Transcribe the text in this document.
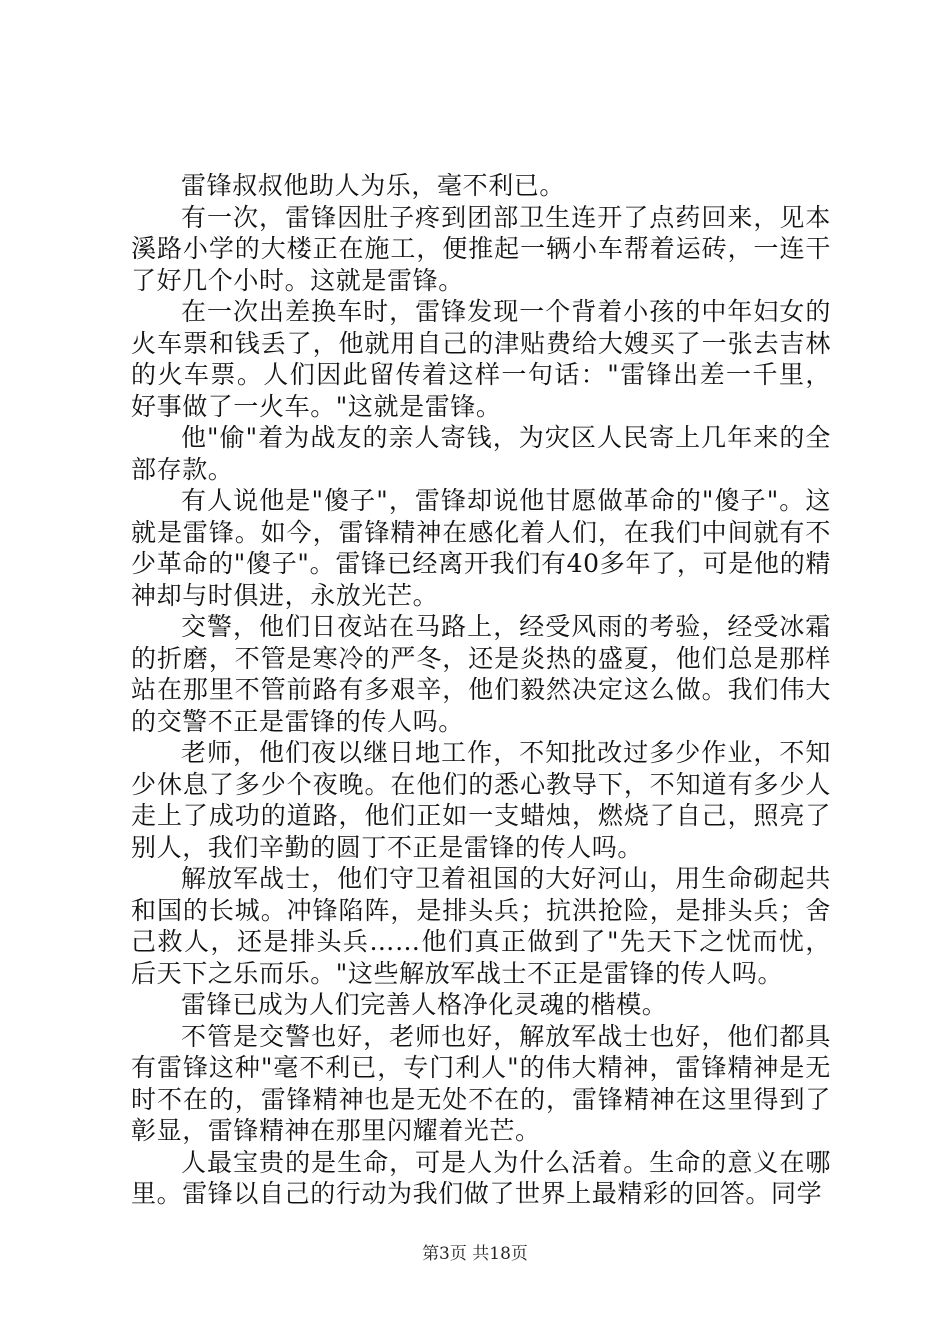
雷锋叔叔他助人为乐，毫不利已。

有一次，雷锋因肚子疼到团部卫生连开了点药回来，见本溪路小学的大楼正在施工，便推起一辆小车帮着运砖，一连干了好几个小时。这就是雷锋。

在一次出差换车时，雷锋发现一个背着小孩的中年妇女的火车票和钱丢了，他就用自己的津贴费给大嫂买了一张去吉林的火车票。人们因此留传着这样一句话："雷锋出差一千里，好事做了一火车。"这就是雷锋。

他"偷"着为战友的亲人寄钱，为灾区人民寄上几年来的全部存款。

有人说他是"傻子"，雷锋却说他甘愿做革命的"傻子"。这就是雷锋。如今，雷锋精神在感化着人们，在我们中间就有不少革命的"傻子"。雷锋已经离开我们有40多年了，可是他的精神却与时俱进，永放光芒。

交警，他们日夜站在马路上，经受风雨的考验，经受冰霜的折磨，不管是寒冷的严冬，还是炎热的盛夏，他们总是那样站在那里不管前路有多艰辛，他们毅然决定这么做。我们伟大的交警不正是雷锋的传人吗。

老师，他们夜以继日地工作，不知批改过多少作业，不知少休息了多少个夜晚。在他们的悉心教导下，不知道有多少人走上了成功的道路，他们正如一支蜡烛，燃烧了自己，照亮了别人，我们辛勤的圆丁不正是雷锋的传人吗。

解放军战士，他们守卫着祖国的大好河山，用生命砌起共和国的长城。冲锋陷阵，是排头兵；抗洪抢险，是排头兵；舍己救人，还是排头兵……他们真正做到了"先天下之忧而忧，后天下之乐而乐。"这些解放军战士不正是雷锋的传人吗。

雷锋已成为人们完善人格净化灵魂的楷模。

不管是交警也好，老师也好，解放军战士也好，他们都具有雷锋这种"毫不利已，专门利人"的伟大精神，雷锋精神是无时不在的，雷锋精神也是无处不在的，雷锋精神在这里得到了彰显，雷锋精神在那里闪耀着光芒。

人最宝贵的是生命，可是人为什么活着。生命的意义在哪里。雷锋以自己的行动为我们做了世界上最精彩的回答。同学

第3页 共18页
